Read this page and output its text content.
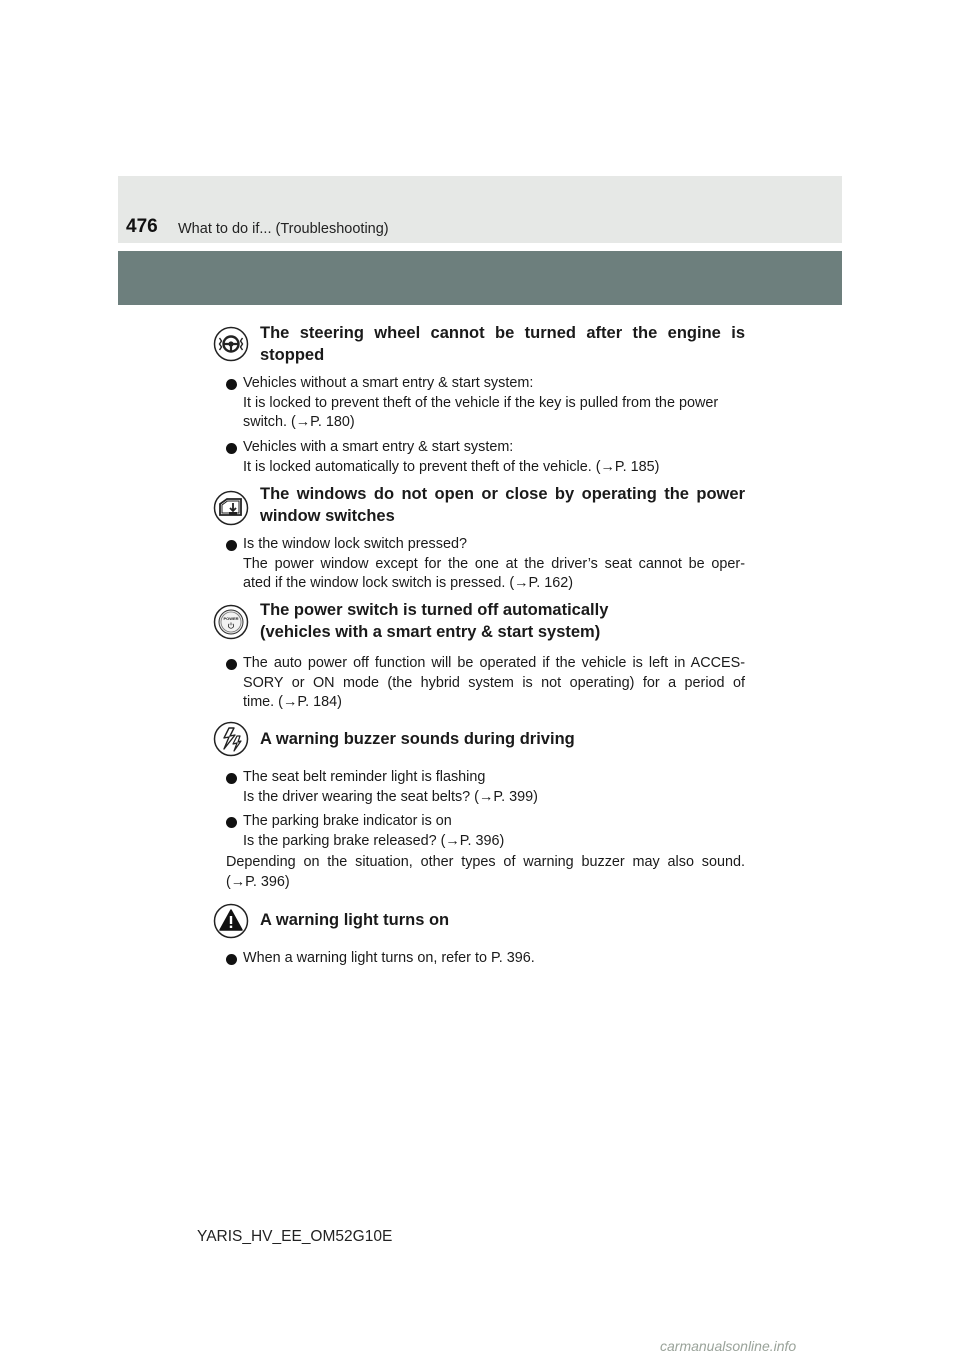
476 What to do if... (Troubleshooting)
The steering wheel cannot be turned after the engine is
stopped
Vehicles without a smart entry & start system:
It is locked to prevent theft of the vehicle if the key is pulled from the power
switch. (→P. 180)
Vehicles with a smart entry & start system:
It is locked automatically to prevent theft of the vehicle. (→P. 185)
The windows do not open or close by operating the power
window switches
Is the window lock switch pressed?
The power window except for the one at the driver’s seat cannot be oper-
ated if the window lock switch is pressed. (→P. 162)
POWER The power switch is turned off automatically
(vehicles with a smart entry & start system)
The auto power off function will be operated if the vehicle is left in ACCES-
SORY or ON mode (the hybrid system is not operating) for a period of
time. (→P. 184)
A warning buzzer sounds during driving
The seat belt reminder light is flashing
Is the driver wearing the seat belts? (→P. 399)
The parking brake indicator is on
Is the parking brake released? (→P. 396)
Depending on the situation, other types of warning buzzer may also sound.
(→P. 396)
A warning light turns on
When a warning light turns on, refer to P. 396.
YARIS_HV_EE_OM52G10E
carmanualsonline.info
